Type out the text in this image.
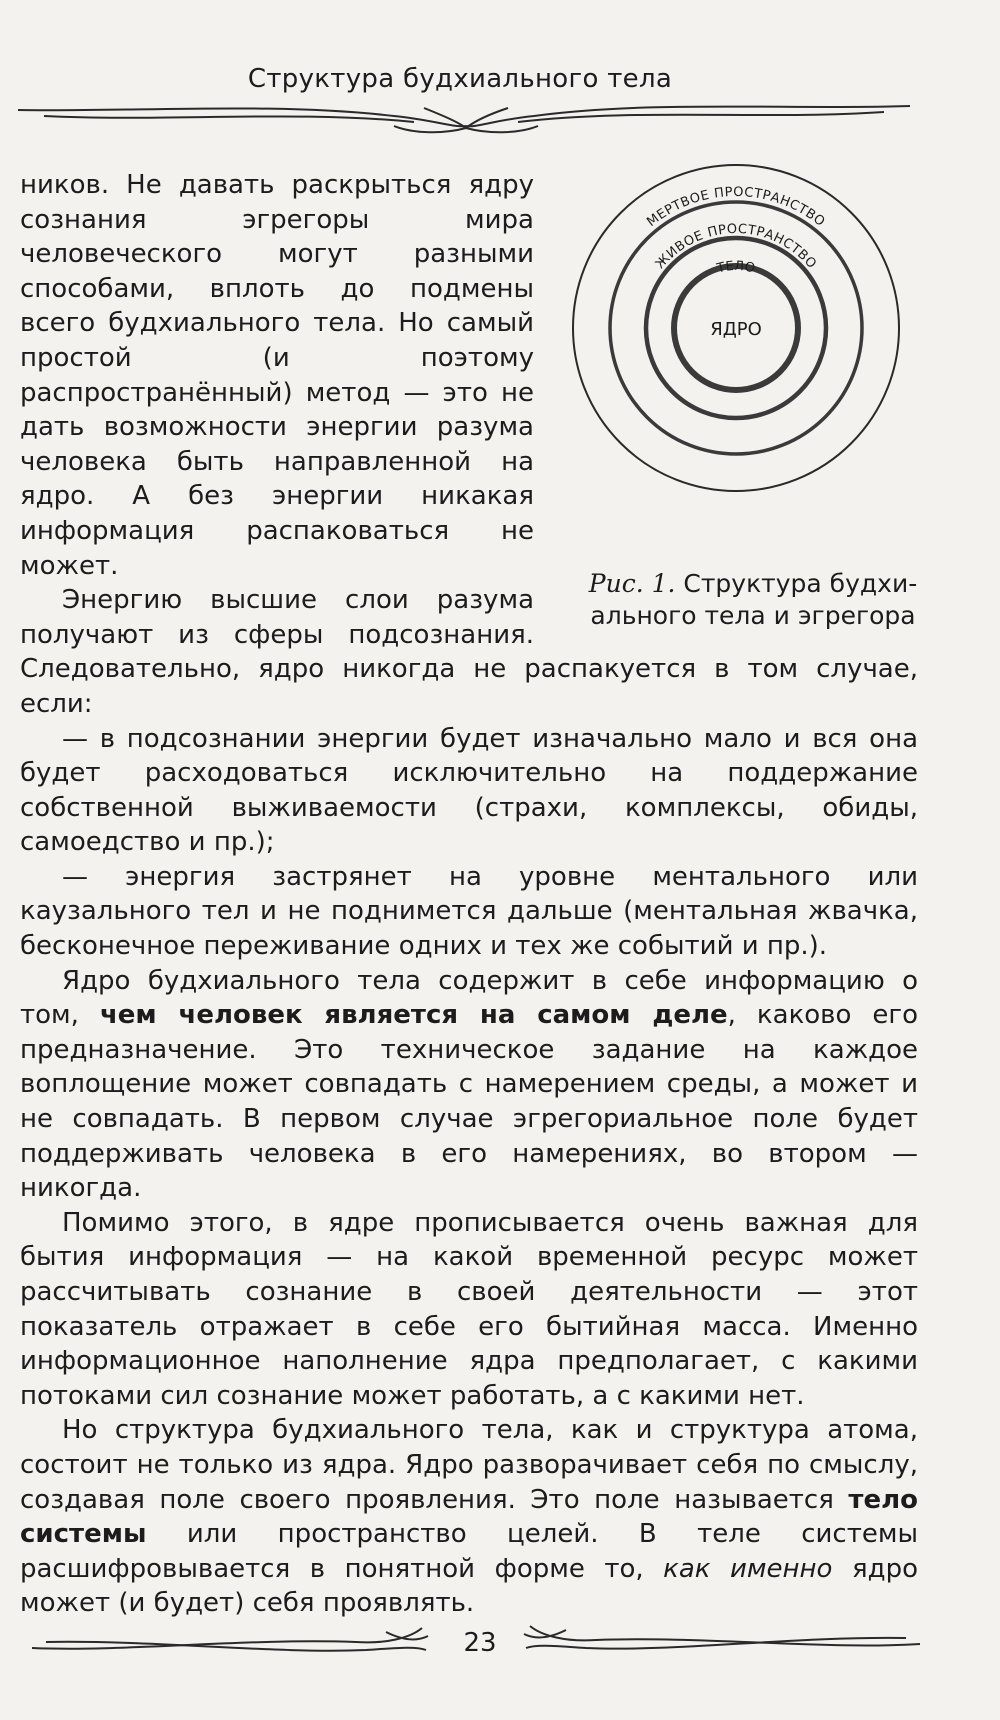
Структура будхиального тела
МЕРТВОЕ ПРОСТРАНСТВО
ЖИВОЕ ПРОСТРАНСТВО
ТЕЛО
ЯДРО
Рис. 1. Структура будхи-
ального тела и эгрегора

ников. Не давать раскрыться ядру сознания эгрегоры мира человеческого могут разными способами, вплоть до подмены всего будхиального тела. Но самый простой (и поэтому распространённый) метод — это не дать возможности энергии разума человека быть направленной на ядро. А без энергии никакая информация распаковаться не может.

Энергию высшие слои разума получают из сферы подсознания. Следовательно, ядро никогда не распакуется в том случае, если:

— в подсознании энергии будет изначально мало и вся она будет расходоваться исключительно на поддержание собственной выживаемости (страхи, комплексы, обиды, самоедство и пр.);

— энергия застрянет на уровне ментального или каузального тел и не поднимется дальше (ментальная жвачка, бесконечное переживание одних и тех же событий и пр.).

Ядро будхиального тела содержит в себе информацию о том, чем человек является на самом деле, каково его предназначение. Это техническое задание на каждое воплощение может совпадать с намерением среды, а может и не совпадать. В первом случае эгрегориальное поле будет поддерживать человека в его намерениях, во втором — никогда.

Помимо этого, в ядре прописывается очень важная для бытия информация — на какой временной ресурс может рассчитывать сознание в своей деятельности — этот показатель отражает в себе его бытийная масса. Именно информационное наполнение ядра предполагает, с какими потоками сил сознание может работать, а с какими нет.

Но структура будхиального тела, как и структура атома, состоит не только из ядра. Ядро разворачивает себя по смыслу, создавая поле своего проявления. Это поле называется тело системы или пространство целей. В теле системы расшифровывается в понятной форме то, как именно ядро может (и будет) себя проявлять.

23
